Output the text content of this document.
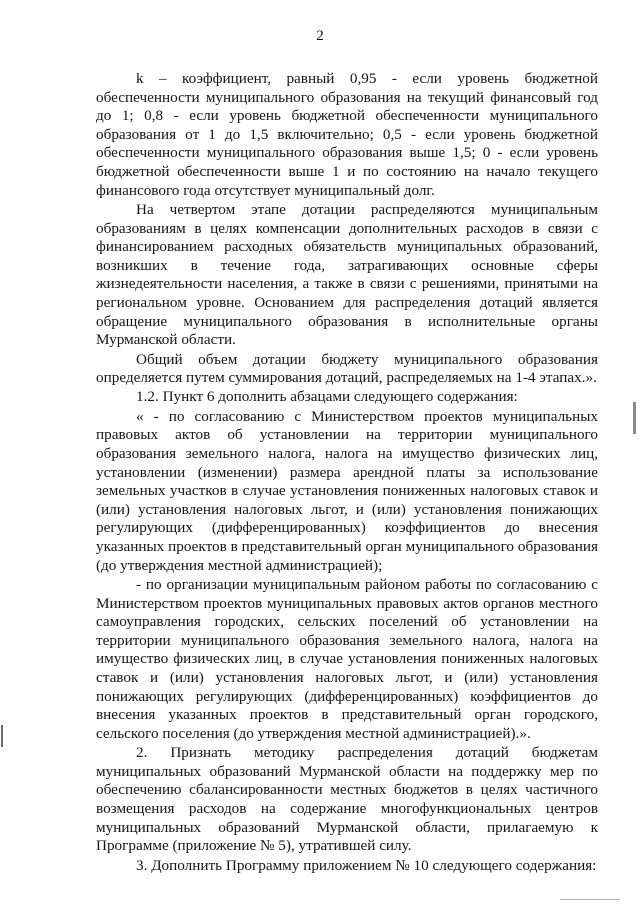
2

k – коэффициент, равный 0,95 - если уровень бюджетной обеспеченности муниципального образования на текущий финансовый год до 1; 0,8 - если уровень бюджетной обеспеченности муниципального образования от 1 до 1,5 включительно; 0,5 - если уровень бюджетной обеспеченности муниципального образования выше 1,5; 0 - если уровень бюджетной обеспеченности выше 1 и по состоянию на начало текущего финансового года отсутствует муниципальный долг.

На четвертом этапе дотации распределяются муниципальным образованиям в целях компенсации дополнительных расходов в связи с финансированием расходных обязательств муниципальных образований, возникших в течение года, затрагивающих основные сферы жизнедеятельности населения, а также в связи с решениями, принятыми на региональном уровне. Основанием для распределения дотаций является обращение муниципального образования в исполнительные органы Мурманской области.

Общий объем дотации бюджету муниципального образования определяется путем суммирования дотаций, распределяемых на 1-4 этапах.».

1.2. Пункт 6 дополнить абзацами следующего содержания:

« - по согласованию с Министерством проектов муниципальных правовых актов об установлении на территории муниципального образования земельного налога, налога на имущество физических лиц, установлении (изменении) размера арендной платы за использование земельных участков в случае установления пониженных налоговых ставок и (или) установления налоговых льгот, и (или) установления понижающих регулирующих (дифференцированных) коэффициентов до внесения указанных проектов в представительный орган муниципального образования (до утверждения местной администрацией);

- по организации муниципальным районом работы по согласованию с Министерством проектов муниципальных правовых актов органов местного самоуправления городских, сельских поселений об установлении на территории муниципального образования земельного налога, налога на имущество физических лиц, в случае установления пониженных налоговых ставок и (или) установления налоговых льгот, и (или) установления понижающих регулирующих (дифференцированных) коэффициентов до внесения указанных проектов в представительный орган городского, сельского поселения (до утверждения местной администрацией).».

2. Признать методику распределения дотаций бюджетам муниципальных образований Мурманской области на поддержку мер по обеспечению сбалансированности местных бюджетов в целях частичного возмещения расходов на содержание многофункциональных центров муниципальных образований Мурманской области, прилагаемую к Программе (приложение № 5), утратившей силу.

3. Дополнить Программу приложением № 10 следующего содержания:
